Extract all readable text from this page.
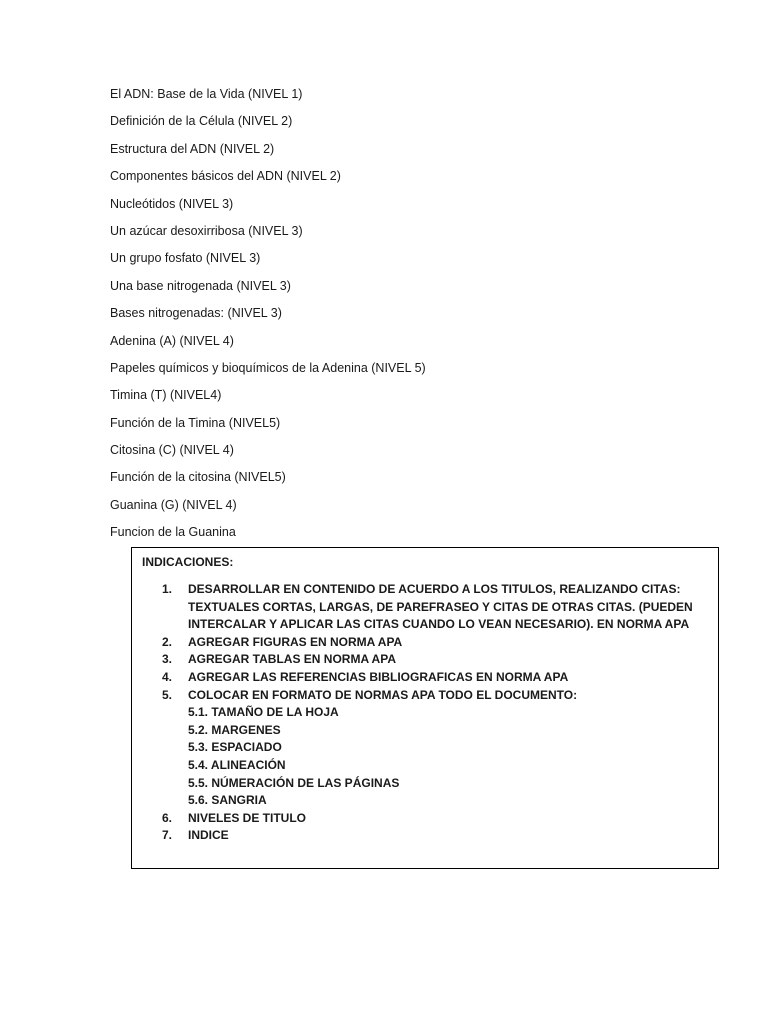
El ADN: Base de la Vida (NIVEL 1)
Definición de la Célula (NIVEL 2)
Estructura del ADN (NIVEL 2)
Componentes básicos del ADN (NIVEL 2)
Nucleótidos (NIVEL 3)
Un azúcar desoxirribosa (NIVEL 3)
Un grupo fosfato (NIVEL 3)
Una base nitrogenada (NIVEL 3)
Bases nitrogenadas: (NIVEL 3)
Adenina (A) (NIVEL 4)
Papeles químicos y bioquímicos de la Adenina (NIVEL 5)
Timina (T) (NIVEL4)
Función de la Timina (NIVEL5)
Citosina (C) (NIVEL 4)
Función de la citosina (NIVEL5)
Guanina (G) (NIVEL 4)
Funcion de la Guanina
INDICACIONES:
1.	DESARROLLAR EN CONTENIDO DE ACUERDO A LOS TITULOS, REALIZANDO CITAS: TEXTUALES CORTAS, LARGAS, DE PAREFRASEO Y CITAS DE OTRAS CITAS. (PUEDEN INTERCALAR Y APLICAR LAS CITAS CUANDO LO VEAN NECESARIO). EN NORMA APA
2.	AGREGAR FIGURAS EN NORMA APA
3.	AGREGAR TABLAS EN NORMA APA
4.	AGREGAR LAS REFERENCIAS BIBLIOGRAFICAS EN NORMA APA
5.	COLOCAR EN FORMATO DE NORMAS APA TODO EL DOCUMENTO:
5.1. TAMAÑO DE LA HOJA
5.2. MARGENES
5.3. ESPACIADO
5.4. ALINEACIÓN
5.5. NÚMERACIÓN DE LAS PÁGINAS
5.6. SANGRIA
6.	NIVELES DE TITULO
7.	INDICE
